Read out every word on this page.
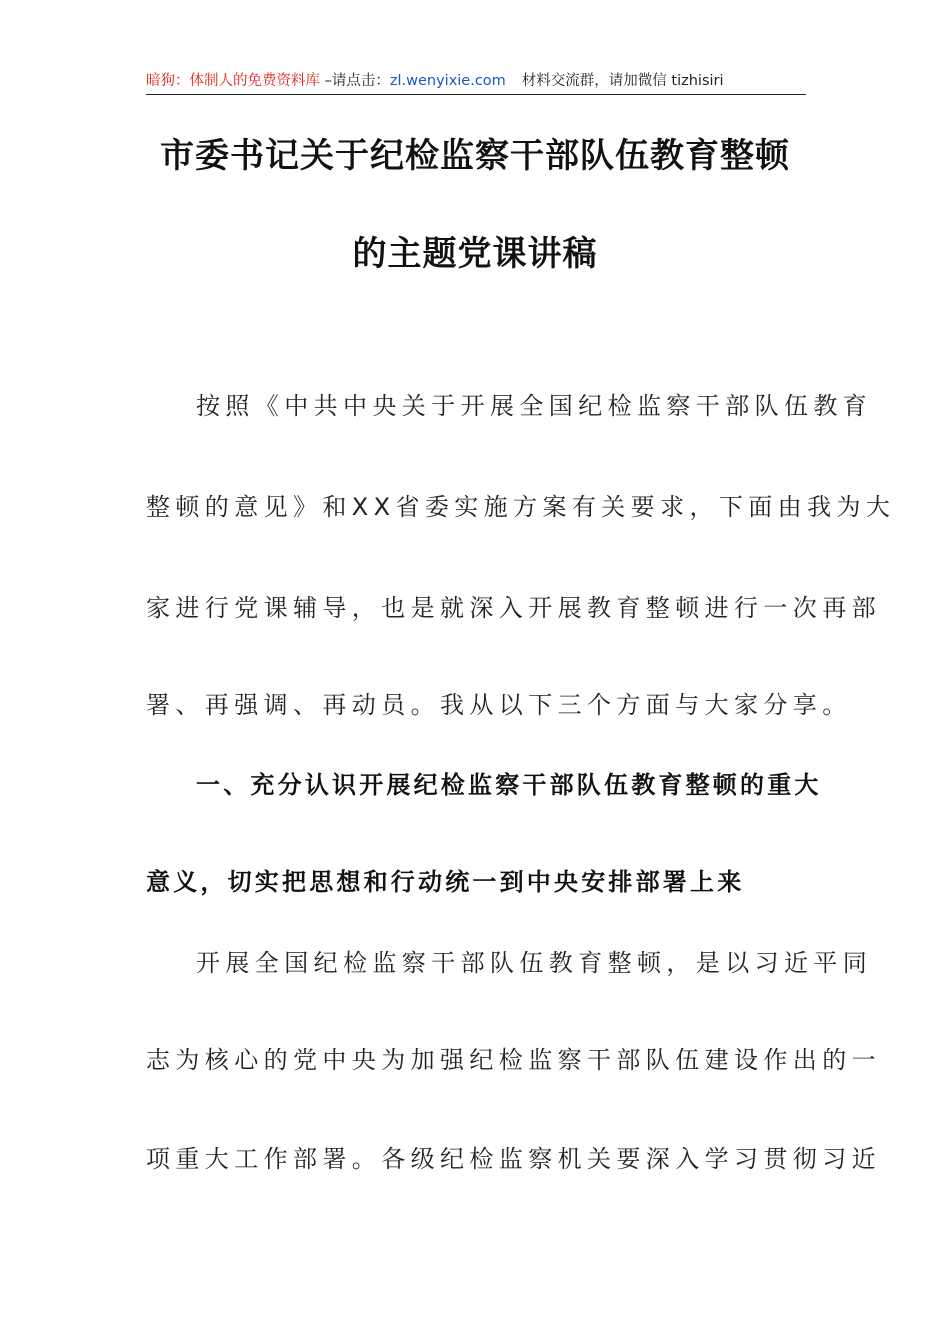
暗狗：体制人的免费资料库 –请点击：zl.wenyixie.com 材料交流群，请加微信 tizhisiri
市委书记关于纪检监察干部队伍教育整顿
的主题党课讲稿
按照《中共中央关于开展全国纪检监察干部队伍教育
整顿的意见》和XX省委实施方案有关要求，下面由我为大
家进行党课辅导，也是就深入开展教育整顿进行一次再部
署、再强调、再动员。我从以下三个方面与大家分享。
一、充分认识开展纪检监察干部队伍教育整顿的重大
意义，切实把思想和行动统一到中央安排部署上来
开展全国纪检监察干部队伍教育整顿，是以习近平同
志为核心的党中央为加强纪检监察干部队伍建设作出的一
项重大工作部署。各级纪检监察机关要深入学习贯彻习近
